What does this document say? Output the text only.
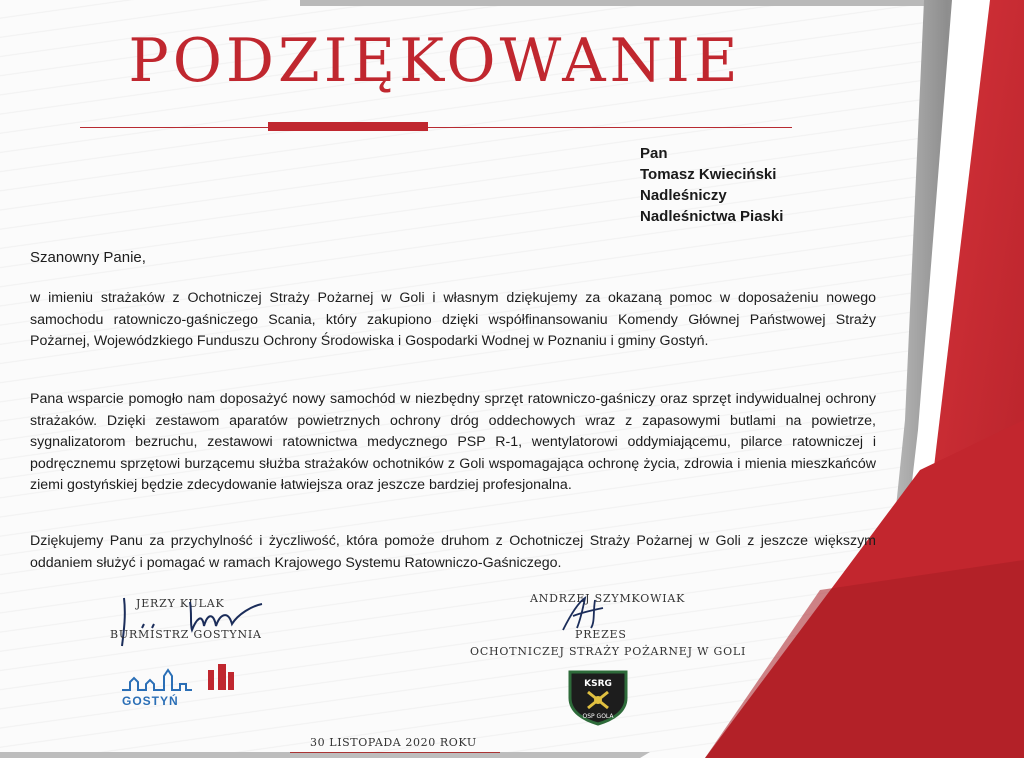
PODZIĘKOWANIE
Pan
Tomasz Kwieciński
Nadleśniczy
Nadleśnictwa Piaski
Szanowny Panie,
w imieniu strażaków z Ochotniczej Straży Pożarnej w Goli i własnym dziękujemy za okazaną pomoc w doposażeniu nowego samochodu ratowniczo-gaśniczego Scania, który zakupiono dzięki współfinansowaniu Komendy Głównej Państwowej Straży Pożarnej, Wojewódzkiego Funduszu Ochrony Środowiska i Gospodarki Wodnej w Poznaniu i gminy Gostyń.
Pana wsparcie pomogło nam doposażyć nowy samochód w niezbędny sprzęt ratowniczo-gaśniczy oraz sprzęt indywidualnej ochrony strażaków. Dzięki zestawom aparatów powietrznych ochrony dróg oddechowych wraz z zapasowymi butlami na powietrze, sygnalizatorom bezruchu, zestawowi ratownictwa medycznego PSP R-1, wentylatorowi oddymiającemu, pilarce ratowniczej i podręcznemu sprzętowi burzącemu służba strażaków ochotników z Goli wspomagająca ochronę życia, zdrowia i mienia mieszkańców ziemi gostyńskiej będzie zdecydowanie łatwiejsza oraz jeszcze bardziej profesjonalna.
Dziękujemy Panu za przychylność i życzliwość, która pomoże druhom z Ochotniczej Straży Pożarnej w Goli z jeszcze większym oddaniem służyć i pomagać w ramach Krajowego Systemu Ratowniczo-Gaśniczego.
JERZY KULAK
BURMISTRZ GOSTYNIA
GOSTYŃ
ANDRZEJ SZYMKOWIAK
PREZES
OCHOTNICZEJ STRAŻY POŻARNEJ W GOLI
KSRG
OSP GOLA
30 LISTOPADA 2020 ROKU
